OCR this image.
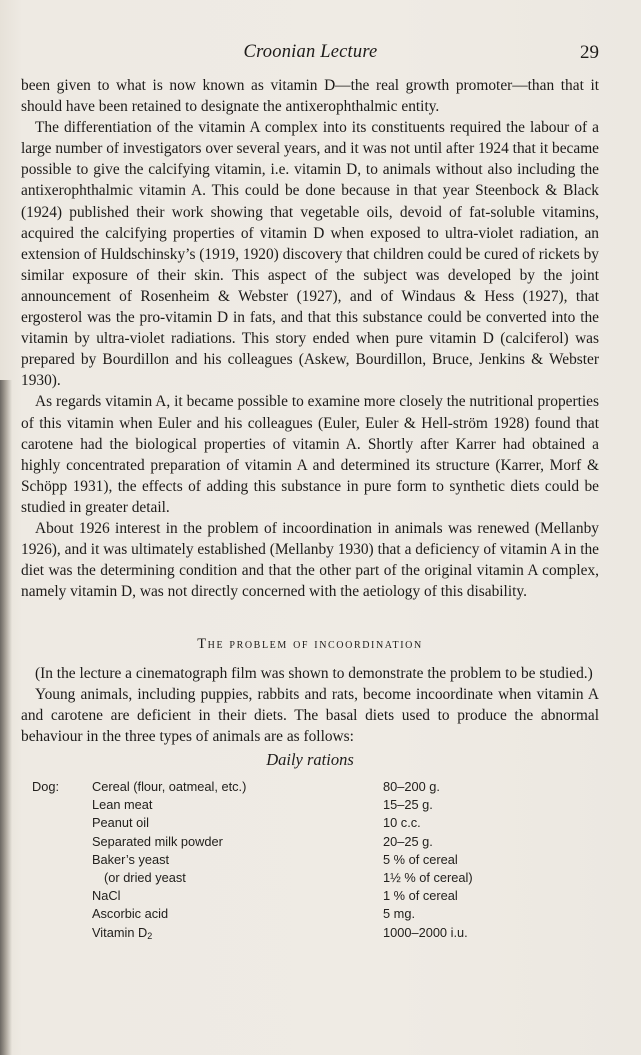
Croonian Lecture	29

been given to what is now known as vitamin D—the real growth promoter—than that it should have been retained to designate the antixerophthalmic entity.

The differentiation of the vitamin A complex into its constituents required the labour of a large number of investigators over several years, and it was not until after 1924 that it became possible to give the calcifying vitamin, i.e. vitamin D, to animals without also including the antixerophthalmic vitamin A. This could be done because in that year Steenbock & Black (1924) published their work showing that vegetable oils, devoid of fat-soluble vitamins, acquired the calcifying properties of vitamin D when exposed to ultra-violet radiation, an extension of Huldschinsky’s (1919, 1920) discovery that children could be cured of rickets by similar exposure of their skin. This aspect of the subject was developed by the joint announcement of Rosenheim & Webster (1927), and of Windaus & Hess (1927), that ergosterol was the pro-vitamin D in fats, and that this substance could be converted into the vitamin by ultra-violet radiations. This story ended when pure vitamin D (calciferol) was prepared by Bourdillon and his colleagues (Askew, Bourdillon, Bruce, Jenkins & Webster 1930).

As regards vitamin A, it became possible to examine more closely the nutritional properties of this vitamin when Euler and his colleagues (Euler, Euler & Hell-ström 1928) found that carotene had the biological properties of vitamin A. Shortly after Karrer had obtained a highly concentrated preparation of vitamin A and determined its structure (Karrer, Morf & Schöpp 1931), the effects of adding this substance in pure form to synthetic diets could be studied in greater detail.

About 1926 interest in the problem of incoordination in animals was renewed (Mellanby 1926), and it was ultimately established (Mellanby 1930) that a deficiency of vitamin A in the diet was the determining condition and that the other part of the original vitamin A complex, namely vitamin D, was not directly concerned with the aetiology of this disability.

The problem of incoordination

(In the lecture a cinematograph film was shown to demonstrate the problem to be studied.)

Young animals, including puppies, rabbits and rats, become incoordinate when vitamin A and carotene are deficient in their diets. The basal diets used to produce the abnormal behaviour in the three types of animals are as follows:

Daily rations
Dog:	Cereal (flour, oatmeal, etc.)
Lean meat
Peanut oil
Separated milk powder
Baker’s yeast
(or dried yeast
NaCl
Ascorbic acid
Vitamin $D_2$
80–200 g.
15–25 g.
10 c.c.
20–25 g.
5 % of cereal
1½ % of cereal)
1 % of cereal
5 mg.
1000–2000 i.u.
